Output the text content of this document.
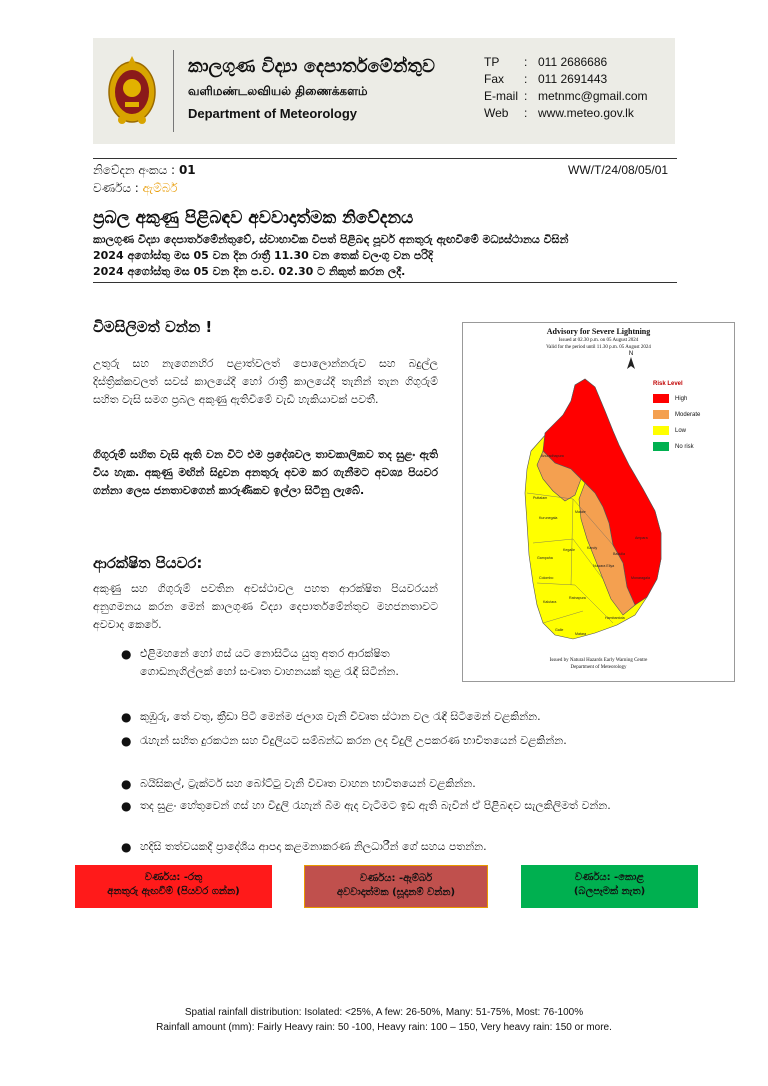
කාලගුණ විද්‍යා දෙපාර්තමේන්තුව
வளிமண்டலவியல் திணைக்களம்
Department of Meteorology
TP	: 011 2686686
Fax	: 011 2691443
E-mail : metnmc@gmail.com
Web	: www.meteo.gov.lk
නිවේදන අංකය : 01	WW/T/24/08/05/01
වර්ණය : ඇම්බර්
ප්‍රබල අකුණු පිළිබඳව අවවාදාත්මක නිවේදනය
කාලගුණ විද්‍යා දෙපාර්තමේන්තුවේ, ස්වාභාවික විපත් පිළිබඳ පූර්ව අනතුරු ඇඟවීමේ මධ්‍යස්ථානය විසින්
2024 අගෝස්තු මස 05 වන දින රාත්‍රී 11.30 වන තෙක් වලංගු වන පරිදි
2024 අගෝස්තු මස 05 වන දින ප.ව. 02.30 ට නිකුත් කරන ලදී.
විමසිලිමත් වන්න !
උතුරු සහ නැගෙනහිර පළාත්වලත් පොලොන්නරුව සහ බදුල්ල දිස්ත්‍රික්කවලත් සවස් කාලයේදී හෝ රාත්‍රී කාලයේදී තැනින් තැන ගිගුරුම් සහිත වැසි සමග ප්‍රබල අකුණු ඇතිවීමේ වැඩි හැකියාවක් පවතී.
ගිගුරුම් සහිත වැසි ඇති වන විට එම ප්‍රදේශවල තාවකාලිකව තද සුළං ඇති විය හැක. අකුණු මඟින් සිදුවන අනතුරු අවම කර ගැනීමට අවශ්‍ය පියවර ගන්නා ලෙස ජනතාවගෙන් කාරුණිකව ඉල්ලා සිටිනු ලැබේ.
ආරක්ෂිත පියවර:
අකුණු සහ ගිගුරුම් පවතින අවස්ථාවල පහත ආරක්ෂිත පියවරයන් අනුගමනය කරන මෙන් කාලගුණ විද්‍යා දෙපාර්තමේන්තුව මහජනතාවට අවවාද කෙරේ.
● එළිමහනේ හෝ ගස් යට නොසිටිය යුතු අතර ආරක්ෂිත ගොඩනැගිල්ලක් හෝ සංවෘත වාහනයක් තුළ රැඳී සිටින්න.
● කුඹුරු, තේ වතු, ක්‍රීඩා පිටි මෙන්ම ජලාශ වැනි විවෘත ස්ථාන වල රැඳී සිටීමෙන් වළකින්න.
● රැහැන් සහිත දුරකථන සහ විදුලියට සම්බන්ධ කරන ලද විදුලි උපකරණ භාවිතයෙන් වළකින්න.
● බයිසිකල්, ට්‍රැක්ටර් සහ බෝට්ටු වැනි විවෘත වාහන භාවිතයෙන් වළකින්න.
● තද සුළං හේතුවෙන් ගස් හා විදුලි රැහැන් බිම ඇද වැටීමට ඉඩ ඇති බැවින් ඒ පිළිබඳව සැලකිලිමත් වන්න.
● හදිසි තත්වයකදී ප්‍රාදේශීය ආපදා කළමනාකරණ නිලධාරීන් ගේ සහය පතන්න.
Advisory for Severe Lightning
Issued at 02.30 p.m. on 05 August 2024
Valid for the period until 11.30 p.m. 05 August 2024
N
Anuradhapura
Puttalam
Kurunegala
Matale
Kandy
Gampaha
Kegalle
Nuwara Eliya
Colombo
Ratnapura
Kalutara
Galle
Matara
Hambantota
Monaragala
Badulla
Ampara
Risk Level
High
Moderate
Low
No risk
Issued by Natural Hazards Early Warning Centre
Department of Meteorology
වර්ණය: -රතු
අනතුරු ඇඟවීම් (පියවර ගන්න)
වර්ණය: -ඇම්බර්
අවවාදාත්මක (සූදානම් වන්න)
වර්ණය: -කොළ
(බලපෑමක් නැත)
Spatial rainfall distribution: Isolated: <25%, A few: 26-50%, Many: 51-75%, Most: 76-100%
Rainfall amount (mm): Fairly Heavy rain: 50 -100, Heavy rain: 100 – 150, Very heavy rain: 150 or more.
